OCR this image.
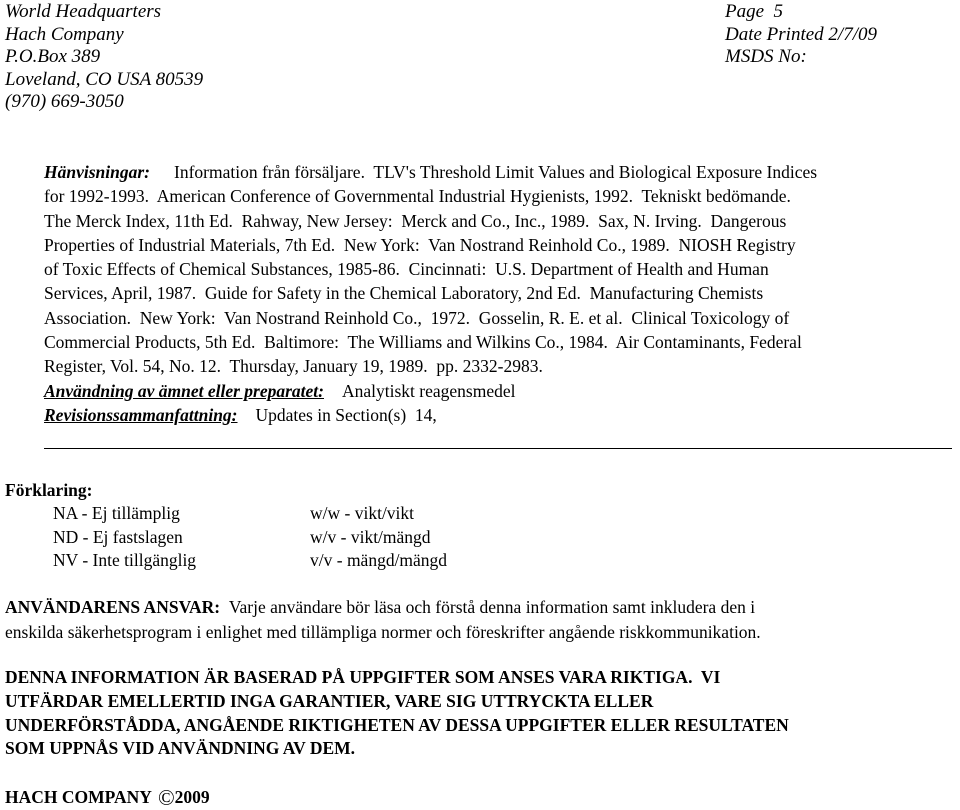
World Headquarters
Hach Company
P.O.Box 389
Loveland, CO USA 80539
(970) 669-3050
Page  5
Date Printed 2/7/09
MSDS No:
Hänvisningar: Information från försäljare.  TLV's Threshold Limit Values and Biological Exposure Indices
for 1992-1993.  American Conference of Governmental Industrial Hygienists, 1992.  Tekniskt bedömande.
The Merck Index, 11th Ed.  Rahway, New Jersey:  Merck and Co., Inc., 1989.  Sax, N. Irving.  Dangerous
Properties of Industrial Materials, 7th Ed.  New York:  Van Nostrand Reinhold Co., 1989.  NIOSH Registry
of Toxic Effects of Chemical Substances, 1985-86.  Cincinnati:  U.S. Department of Health and Human
Services, April, 1987.  Guide for Safety in the Chemical Laboratory, 2nd Ed.  Manufacturing Chemists
Association.  New York:  Van Nostrand Reinhold Co.,  1972.  Gosselin, R. E. et al.  Clinical Toxicology of
Commercial Products, 5th Ed.  Baltimore:  The Williams and Wilkins Co., 1984.  Air Contaminants, Federal
Register, Vol. 54, No. 12.  Thursday, January 19, 1989.  pp. 2332-2983.
Användning av ämnet eller preparatet: Analytiskt reagensmedel
Revisionssammanfattning: Updates in Section(s)  14,
Förklaring:
NA - Ej tillämplig
ND - Ej fastslagen
NV - Inte tillgänglig
w/w - vikt/vikt
w/v - vikt/mängd
v/v - mängd/mängd
ANVÄNDARENS ANSVAR: Varje användare bör läsa och förstå denna information samt inkludera den i
enskilda säkerhetsprogram i enlighet med tillämpliga normer och föreskrifter angående riskkommunikation.
DENNA INFORMATION ÄR BASERAD PÅ UPPGIFTER SOM ANSES VARA RIKTIGA.  VI
UTFÄRDAR EMELLERTID INGA GARANTIER, VARE SIG UTTRYCKTA ELLER
UNDERFÖRSTÅDDA, ANGÅENDE RIKTIGHETEN AV DESSA UPPGIFTER ELLER RESULTATEN
SOM UPPNÅS VID ANVÄNDNING AV DEM.
HACH COMPANY ©2009
